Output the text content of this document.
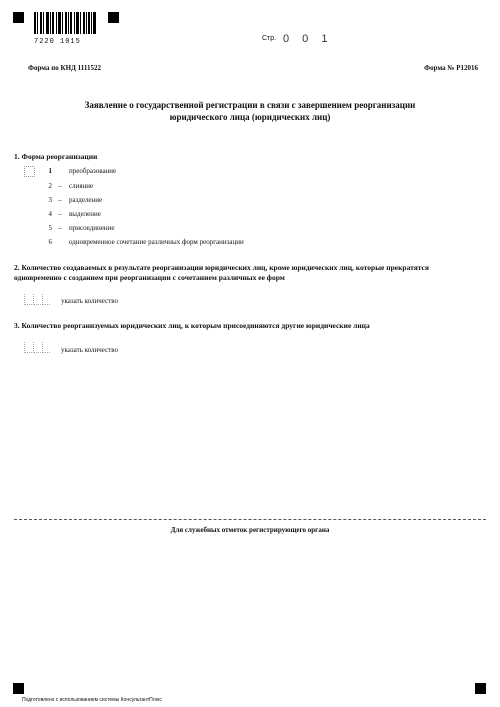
7220 1015	Стр. 0 0 1
Форма по КНД 1111522	Форма № Р12016
Заявление о государственной регистрации в связи с завершением реорганизации
юридического лица (юридических лиц)
1. Форма реорганизации
1 преобразование
2 – слияние
3 – разделение
4 – выделение
5 – присоединение
6 одновременное сочетание различных форм реорганизации
2. Количество создаваемых в результате реорганизации юридических лиц, кроме юридических лиц, которые прекратятся
одновременно с созданием при реорганизации с сочетанием различных ее форм
указать количество
3. Количество реорганизуемых юридических лиц, к которым присоединяются другие юридические лица
указать количество
Для служебных отметок регистрирующего органа
Подготовлено с использованием системы КонсультантПлюс
